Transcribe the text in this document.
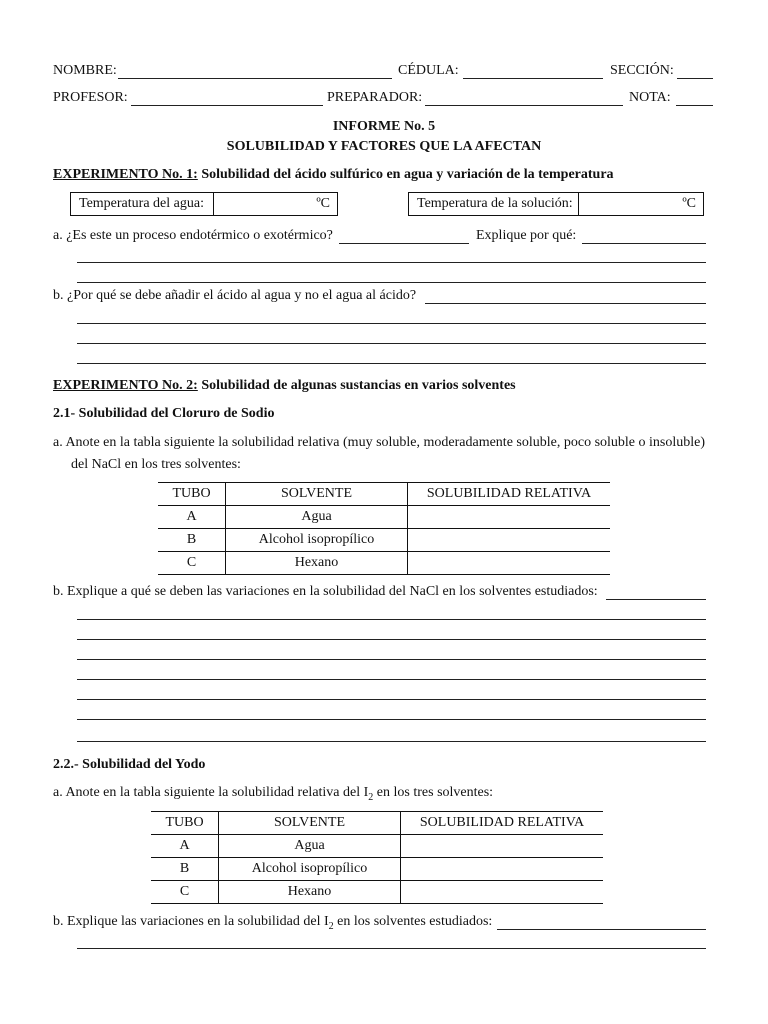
NOMBRE:	CÉDULA:	SECCIÓN:
PROFESOR:	PREPARADOR:	NOTA:
INFORME No. 5
SOLUBILIDAD Y FACTORES QUE LA AFECTAN
EXPERIMENTO No. 1: Solubilidad del ácido sulfúrico en agua y variación de la temperatura
Temperatura del agua:	ºC	Temperatura de la solución:	ºC
a. ¿Es este un proceso endotérmico o exotérmico?	Explique por qué:
b. ¿Por qué se debe añadir el ácido al agua y no el agua al ácido?
EXPERIMENTO No. 2: Solubilidad de algunas sustancias en varios solventes
2.1- Solubilidad del Cloruro de Sodio
a. Anote en la tabla siguiente la solubilidad relativa (muy soluble, moderadamente soluble, poco soluble o insoluble)
del NaCl en los tres solventes:
TUBO	SOLVENTE	SOLUBILIDAD RELATIVA
A	Agua	
B	Alcohol isopropílico	
C	Hexano	
b. Explique a qué se deben las variaciones en la solubilidad del NaCl en los solventes estudiados:
2.2.- Solubilidad del Yodo
a. Anote en la tabla siguiente la solubilidad relativa del $I_2$ en los tres solventes:
TUBO	SOLVENTE	SOLUBILIDAD RELATIVA
A	Agua	
B	Alcohol isopropílico	
C	Hexano	
b. Explique las variaciones en la solubilidad del $I_2$ en los solventes estudiados:
